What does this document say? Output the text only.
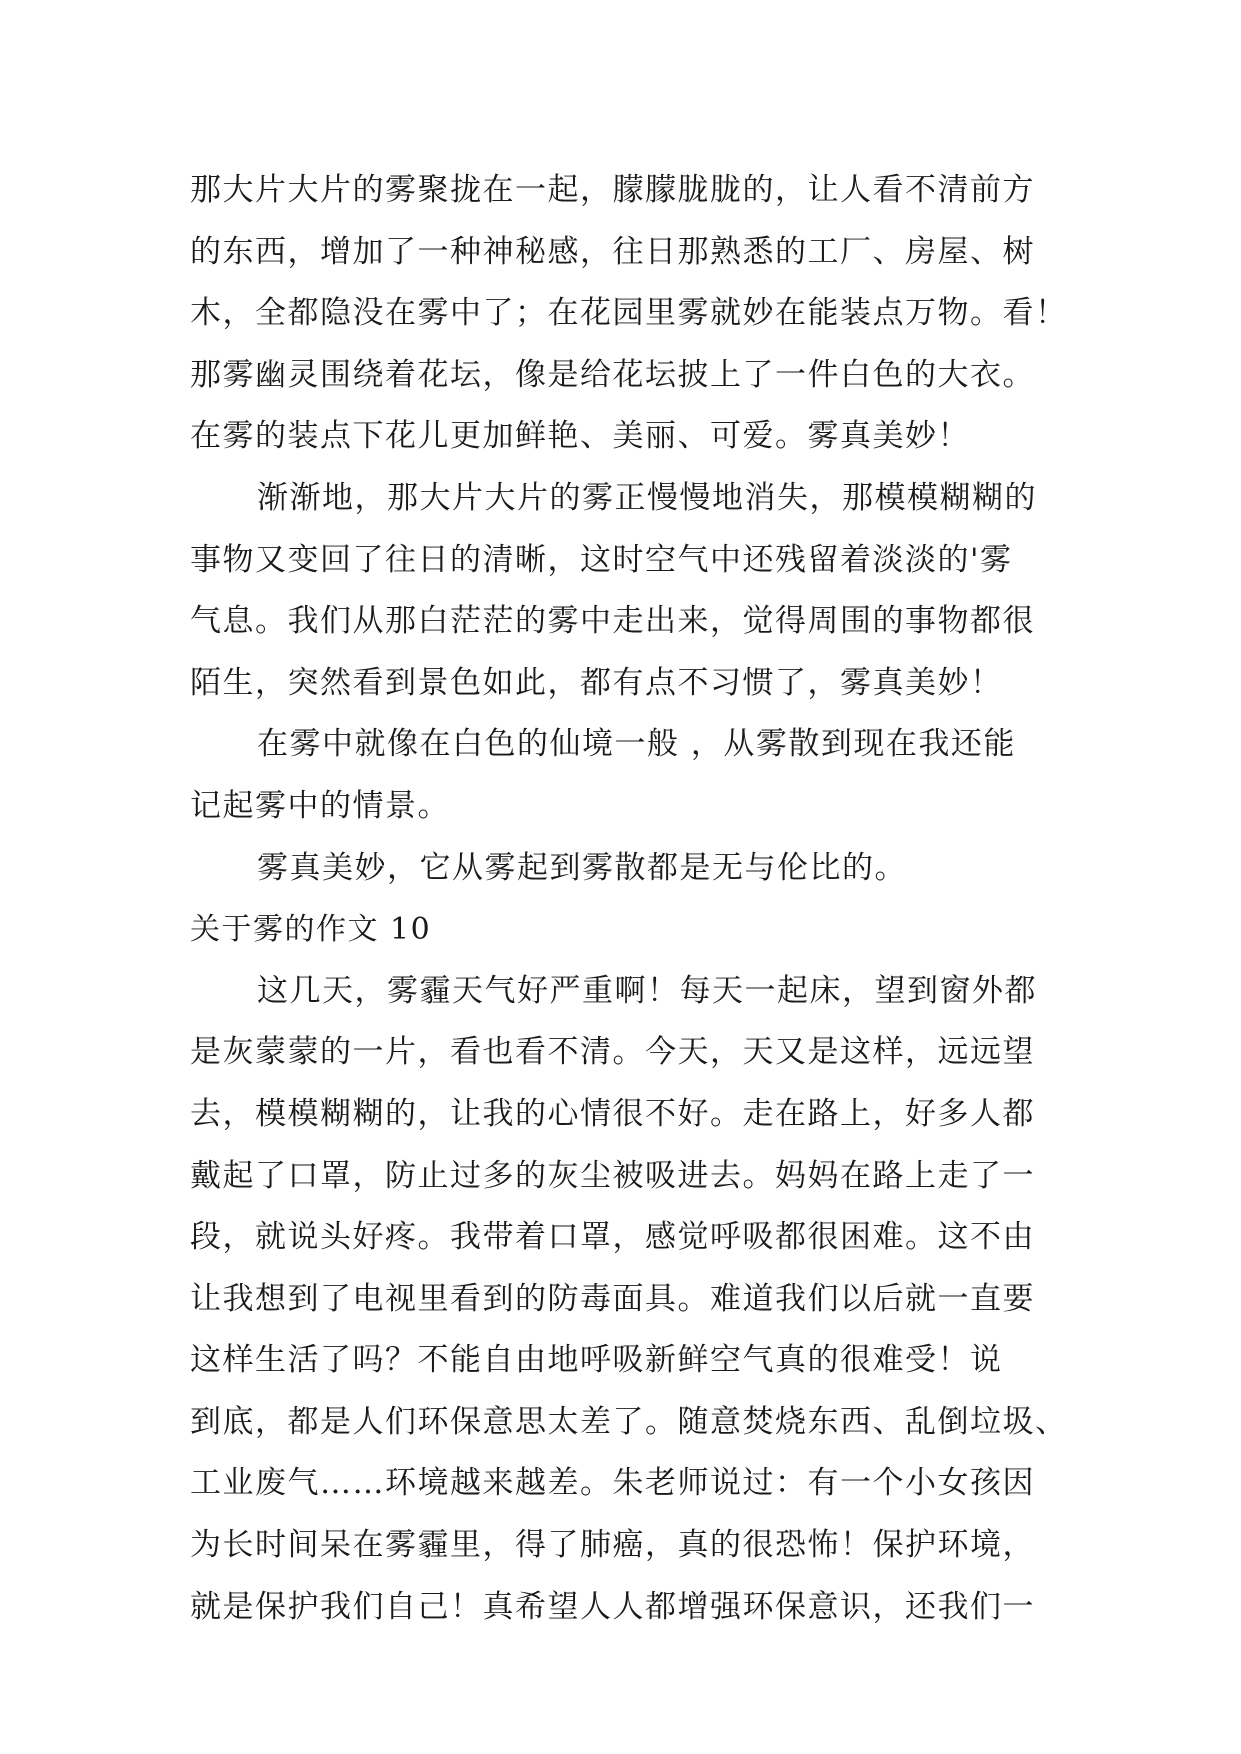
那大片大片的雾聚拢在一起，朦朦胧胧的，让人看不清前方
的东西，增加了一种神秘感，往日那熟悉的工厂、房屋、树
木，全都隐没在雾中了；在花园里雾就妙在能装点万物。看！
那雾幽灵围绕着花坛，像是给花坛披上了一件白色的大衣。
在雾的装点下花儿更加鲜艳、美丽、可爱。雾真美妙！
渐渐地，那大片大片的雾正慢慢地消失，那模模糊糊的
事物又变回了往日的清晰，这时空气中还残留着淡淡的'雾
气息。我们从那白茫茫的雾中走出来，觉得周围的事物都很
陌生，突然看到景色如此，都有点不习惯了，雾真美妙！
在雾中就像在白色的仙境一般 ，从雾散到现在我还能
记起雾中的情景。
雾真美妙，它从雾起到雾散都是无与伦比的。
关于雾的作文 10
这几天，雾霾天气好严重啊！每天一起床，望到窗外都
是灰蒙蒙的一片，看也看不清。今天，天又是这样，远远望
去，模模糊糊的，让我的心情很不好。走在路上，好多人都
戴起了口罩，防止过多的灰尘被吸进去。妈妈在路上走了一
段，就说头好疼。我带着口罩，感觉呼吸都很困难。这不由
让我想到了电视里看到的防毒面具。难道我们以后就一直要
这样生活了吗？不能自由地呼吸新鲜空气真的很难受！说
到底，都是人们环保意思太差了。随意焚烧东西、乱倒垃圾、
工业废气……环境越来越差。朱老师说过：有一个小女孩因
为长时间呆在雾霾里，得了肺癌，真的很恐怖！保护环境，
就是保护我们自己！真希望人人都增强环保意识，还我们一
